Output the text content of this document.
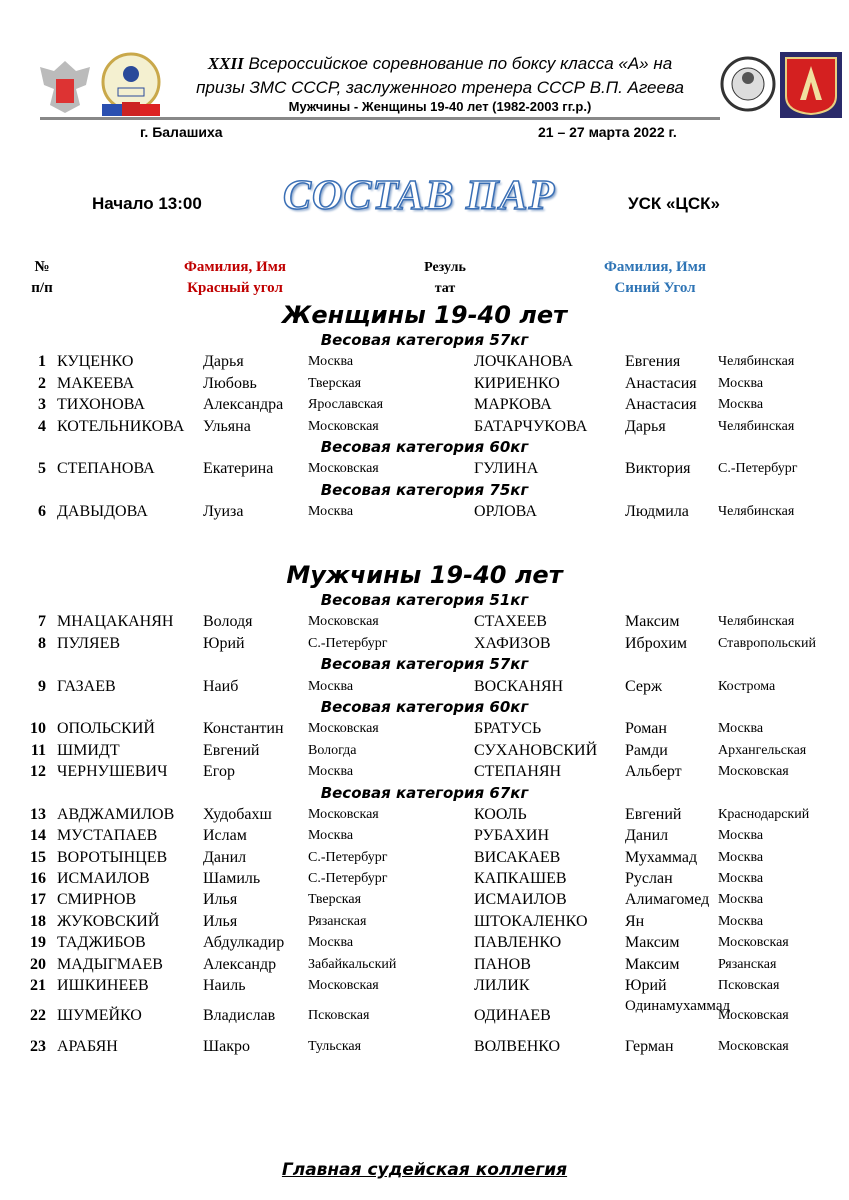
XXII Всероссийское соревнование по боксу класса «А» на
призы ЗМС СССР, заслуженного тренера СССР В.П. Агеева
Мужчины - Женщины 19-40 лет (1982-2003 гг.р.)
г. Балашиха	21 – 27 марта 2022 г.
Начало 13:00 СОСТАВ ПАР	УСК «ЦСК»
№
п/п
Фамилия, Имя
Красный угол
Резуль
тат
Фамилия, Имя
Синий Угол
Женщины 19-40 лет
Весовая категория 57кг
1 КУЦЕНКО	Дарья	Москва	ЛОЧКАНОВА	Евгения	Челябинская
2 МАКЕЕВА	Любовь	Тверская	КИРИЕНКО	Анастасия Москва
3 ТИХОНОВА	Александра Ярославская	МАРКОВА	Анастасия Москва
4 КОТЕЛЬНИКОВА Ульяна	Московская	БАТАРЧУКОВА Дарья	Челябинская
Весовая категория 60кг
5 СТЕПАНОВА	Екатерина Московская	ГУЛИНА	Виктория С.-Петербург
Весовая категория 75кг
6 ДАВЫДОВА	Луиза	Москва	ОРЛОВА	Людмила Челябинская
Мужчины 19-40 лет
Весовая категория 51кг
7 МНАЦАКАНЯН Володя	Московская	СТАХЕЕВ	Максим	Челябинская
8 ПУЛЯЕВ	Юрий	С.-Петербург	ХАФИЗОВ	Иброхим Ставропольский
Весовая категория 57кг
9 ГАЗАЕВ	Наиб	Москва	ВОСКАНЯН	Серж	Кострома
Весовая категория 60кг
10 ОПОЛЬСКИЙ	Константин Московская	БРАТУСЬ	Роман	Москва
11 ШМИДТ	Евгений	Вологда	СУХАНОВСКИЙ Рамди	Архангельская
12 ЧЕРНУШЕВИЧ Егор	Москва	СТЕПАНЯН	Альберт	Московская
Весовая категория 67кг
13 АВДЖАМИЛОВ Худобахш	Московская	КООЛЬ	Евгений	Краснодарский
14 МУСТАПАЕВ	Ислам	Москва	РУБАХИН	Данил	Москва
15 ВОРОТЫНЦЕВ Данил	С.-Петербург	ВИСАКАЕВ	Мухаммад Москва
16 ИСМАИЛОВ	Шамиль	С.-Петербург	КАПКАШЕВ	Руслан	Москва
17 СМИРНОВ	Илья	Тверская	ИСМАИЛОВ	Алимагомед Москва
18 ЖУКОВСКИЙ	Илья	Рязанская	ШТОКАЛЕНКО Ян	Москва
19 ТАДЖИБОВ	Абдулкадир Москва	ПАВЛЕНКО	Максим	Московская
20 МАДЫГМАЕВ	Александр Забайкальский	ПАНОВ	Максим	Рязанская
21 ИШКИНЕЕВ	Наиль	Московская	ЛИЛИК	Юрий	Псковская
22 ШУМЕЙКО	Владислав Псковская	ОДИНАЕВ
Одинамухаммад
Московская
23 АРАБЯН	Шакро	Тульская	ВОЛВЕНКО	Герман	Московская
Главная судейская коллегия
